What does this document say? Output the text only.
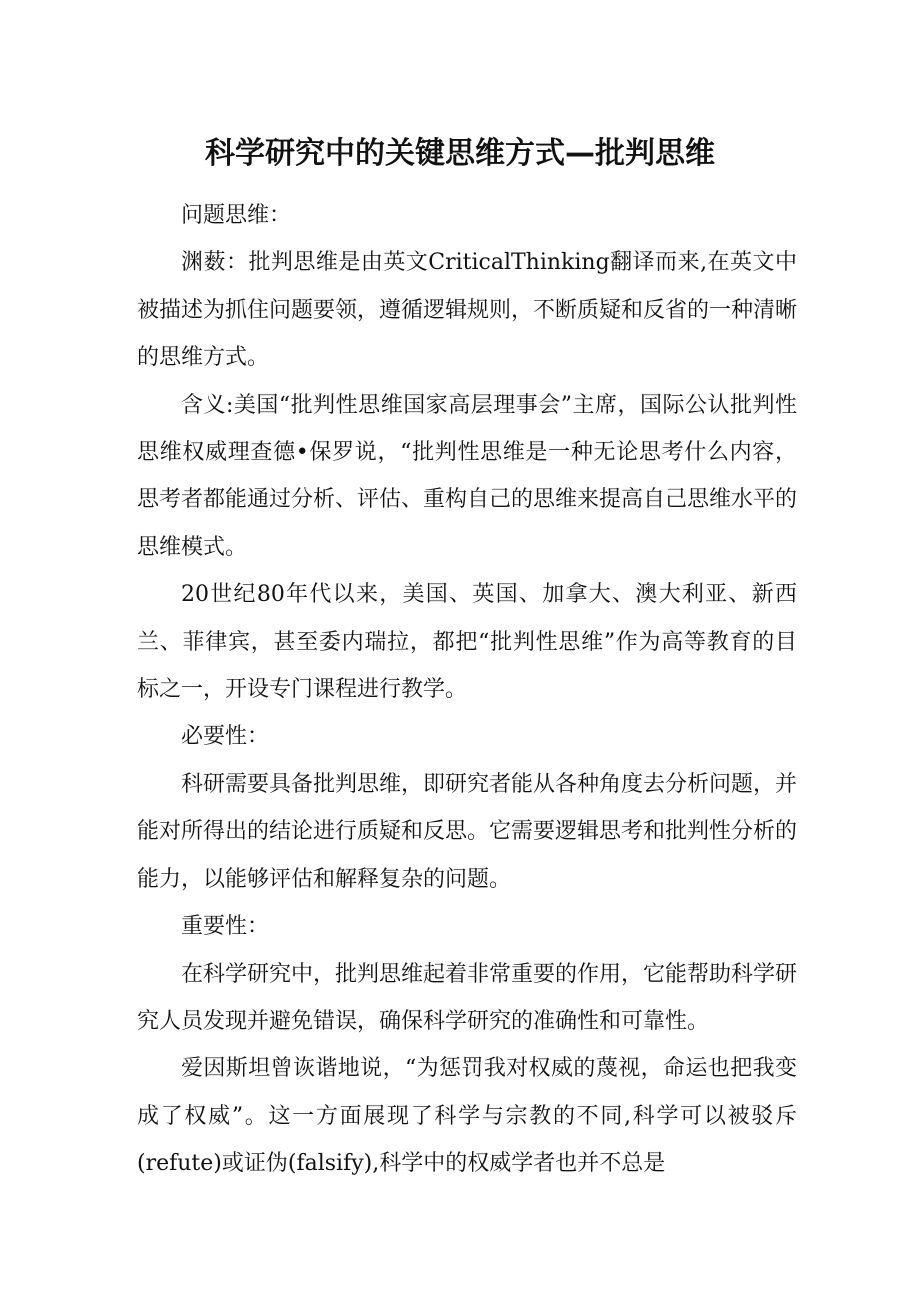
科学研究中的关键思维方式—批判思维

问题思维：

渊薮：批判思维是由英文CriticalThinking翻译而来,在英文中被描述为抓住问题要领，遵循逻辑规则，不断质疑和反省的一种清晰的思维方式。

含义:美国“批判性思维国家高层理事会”主席，国际公认批判性思维权威理查德•保罗说，“批判性思维是一种无论思考什么内容，思考者都能通过分析、评估、重构自己的思维来提高自己思维水平的思维模式。

20世纪80年代以来，美国、英国、加拿大、澳大利亚、新西兰、菲律宾，甚至委内瑞拉，都把“批判性思维”作为高等教育的目标之一，开设专门课程进行教学。

必要性：

科研需要具备批判思维，即研究者能从各种角度去分析问题，并能对所得出的结论进行质疑和反思。它需要逻辑思考和批判性分析的能力，以能够评估和解释复杂的问题。

重要性：

在科学研究中，批判思维起着非常重要的作用，它能帮助科学研究人员发现并避免错误，确保科学研究的准确性和可靠性。

爱因斯坦曾诙谐地说，“为惩罚我对权威的蔑视，命运也把我变成了权威”。这一方面展现了科学与宗教的不同,科学可以被驳斥(refute)或证伪(falsify),科学中的权威学者也并不总是
